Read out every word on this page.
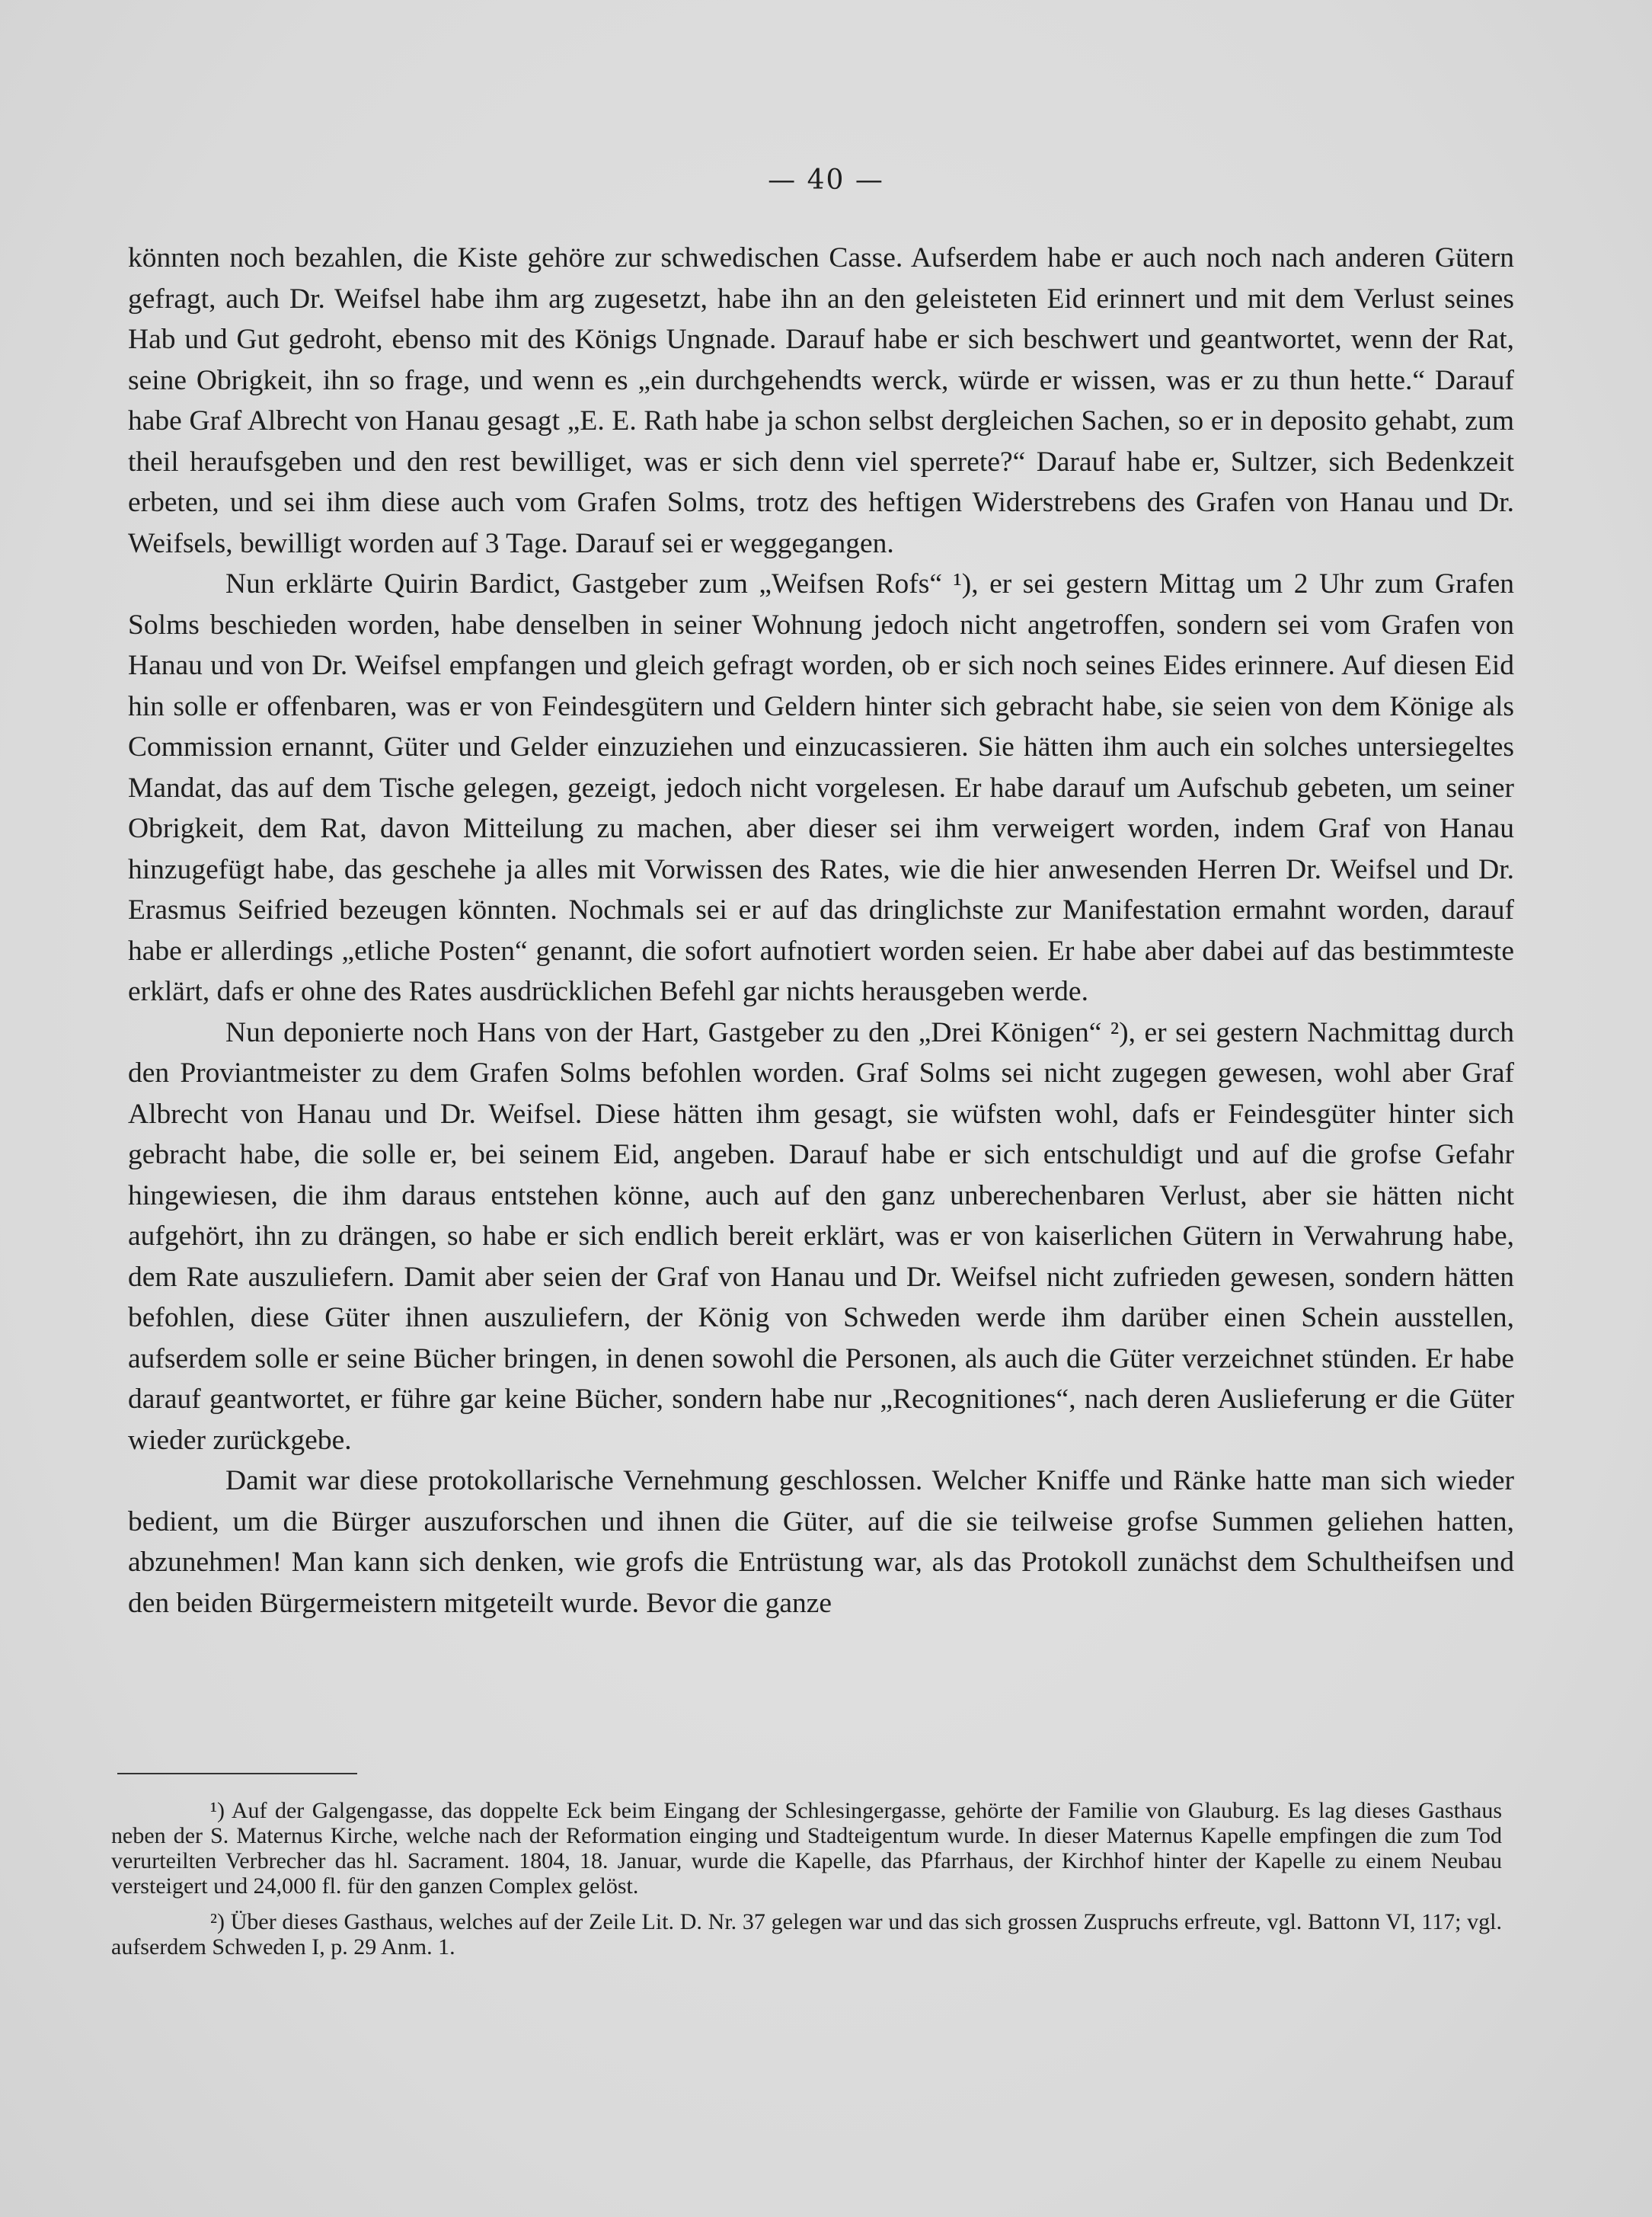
— 40 —

könnten noch bezahlen, die Kiste gehöre zur schwedischen Casse. Aufserdem habe er auch noch nach anderen Gütern gefragt, auch Dr. Weifsel habe ihm arg zugesetzt, habe ihn an den geleisteten Eid erinnert und mit dem Verlust seines Hab und Gut gedroht, ebenso mit des Königs Ungnade. Darauf habe er sich beschwert und geantwortet, wenn der Rat, seine Obrigkeit, ihn so frage, und wenn es „ein durchgehendts werck, würde er wissen, was er zu thun hette.“ Darauf habe Graf Albrecht von Hanau gesagt „E. E. Rath habe ja schon selbst dergleichen Sachen, so er in deposito gehabt, zum theil heraufsgeben und den rest bewilliget, was er sich denn viel sperrete?“ Darauf habe er, Sultzer, sich Bedenkzeit erbeten, und sei ihm diese auch vom Grafen Solms, trotz des heftigen Widerstrebens des Grafen von Hanau und Dr. Weifsels, bewilligt worden auf 3 Tage. Darauf sei er weggegangen.

Nun erklärte Quirin Bardict, Gastgeber zum „Weifsen Rofs“ ¹), er sei gestern Mittag um 2 Uhr zum Grafen Solms beschieden worden, habe denselben in seiner Wohnung jedoch nicht angetroffen, sondern sei vom Grafen von Hanau und von Dr. Weifsel empfangen und gleich gefragt worden, ob er sich noch seines Eides erinnere. Auf diesen Eid hin solle er offenbaren, was er von Feindesgütern und Geldern hinter sich gebracht habe, sie seien von dem Könige als Commission ernannt, Güter und Gelder einzuziehen und einzucassieren. Sie hätten ihm auch ein solches untersiegeltes Mandat, das auf dem Tische gelegen, gezeigt, jedoch nicht vorgelesen. Er habe darauf um Aufschub gebeten, um seiner Obrigkeit, dem Rat, davon Mitteilung zu machen, aber dieser sei ihm verweigert worden, indem Graf von Hanau hinzugefügt habe, das geschehe ja alles mit Vorwissen des Rates, wie die hier anwesenden Herren Dr. Weifsel und Dr. Erasmus Seifried bezeugen könnten. Nochmals sei er auf das dringlichste zur Manifestation ermahnt worden, darauf habe er allerdings „etliche Posten“ genannt, die sofort aufnotiert worden seien. Er habe aber dabei auf das bestimmteste erklärt, dafs er ohne des Rates ausdrücklichen Befehl gar nichts herausgeben werde.

Nun deponierte noch Hans von der Hart, Gastgeber zu den „Drei Königen“ ²), er sei gestern Nachmittag durch den Proviantmeister zu dem Grafen Solms befohlen worden. Graf Solms sei nicht zugegen gewesen, wohl aber Graf Albrecht von Hanau und Dr. Weifsel. Diese hätten ihm gesagt, sie wüfsten wohl, dafs er Feindesgüter hinter sich gebracht habe, die solle er, bei seinem Eid, angeben. Darauf habe er sich entschuldigt und auf die grofse Gefahr hingewiesen, die ihm daraus entstehen könne, auch auf den ganz unberechenbaren Verlust, aber sie hätten nicht aufgehört, ihn zu drängen, so habe er sich endlich bereit erklärt, was er von kaiserlichen Gütern in Verwahrung habe, dem Rate auszuliefern. Damit aber seien der Graf von Hanau und Dr. Weifsel nicht zufrieden gewesen, sondern hätten befohlen, diese Güter ihnen auszuliefern, der König von Schweden werde ihm darüber einen Schein ausstellen, aufserdem solle er seine Bücher bringen, in denen sowohl die Personen, als auch die Güter verzeichnet stünden. Er habe darauf geantwortet, er führe gar keine Bücher, sondern habe nur „Recognitiones“, nach deren Auslieferung er die Güter wieder zurückgebe.

Damit war diese protokollarische Vernehmung geschlossen. Welcher Kniffe und Ränke hatte man sich wieder bedient, um die Bürger auszuforschen und ihnen die Güter, auf die sie teilweise grofse Summen geliehen hatten, abzunehmen! Man kann sich denken, wie grofs die Entrüstung war, als das Protokoll zunächst dem Schultheifsen und den beiden Bürgermeistern mitgeteilt wurde. Bevor die ganze

¹) Auf der Galgengasse, das doppelte Eck beim Eingang der Schlesingergasse, gehörte der Familie von Glauburg. Es lag dieses Gasthaus neben der S. Maternus Kirche, welche nach der Reformation einging und Stadteigentum wurde. In dieser Maternus Kapelle empfingen die zum Tod verurteilten Verbrecher das hl. Sacrament. 1804, 18. Januar, wurde die Kapelle, das Pfarrhaus, der Kirchhof hinter der Kapelle zu einem Neubau versteigert und 24,000 fl. für den ganzen Complex gelöst.

²) Über dieses Gasthaus, welches auf der Zeile Lit. D. Nr. 37 gelegen war und das sich grossen Zuspruchs erfreute, vgl. Battonn VI, 117; vgl. aufserdem Schweden I, p. 29 Anm. 1.
